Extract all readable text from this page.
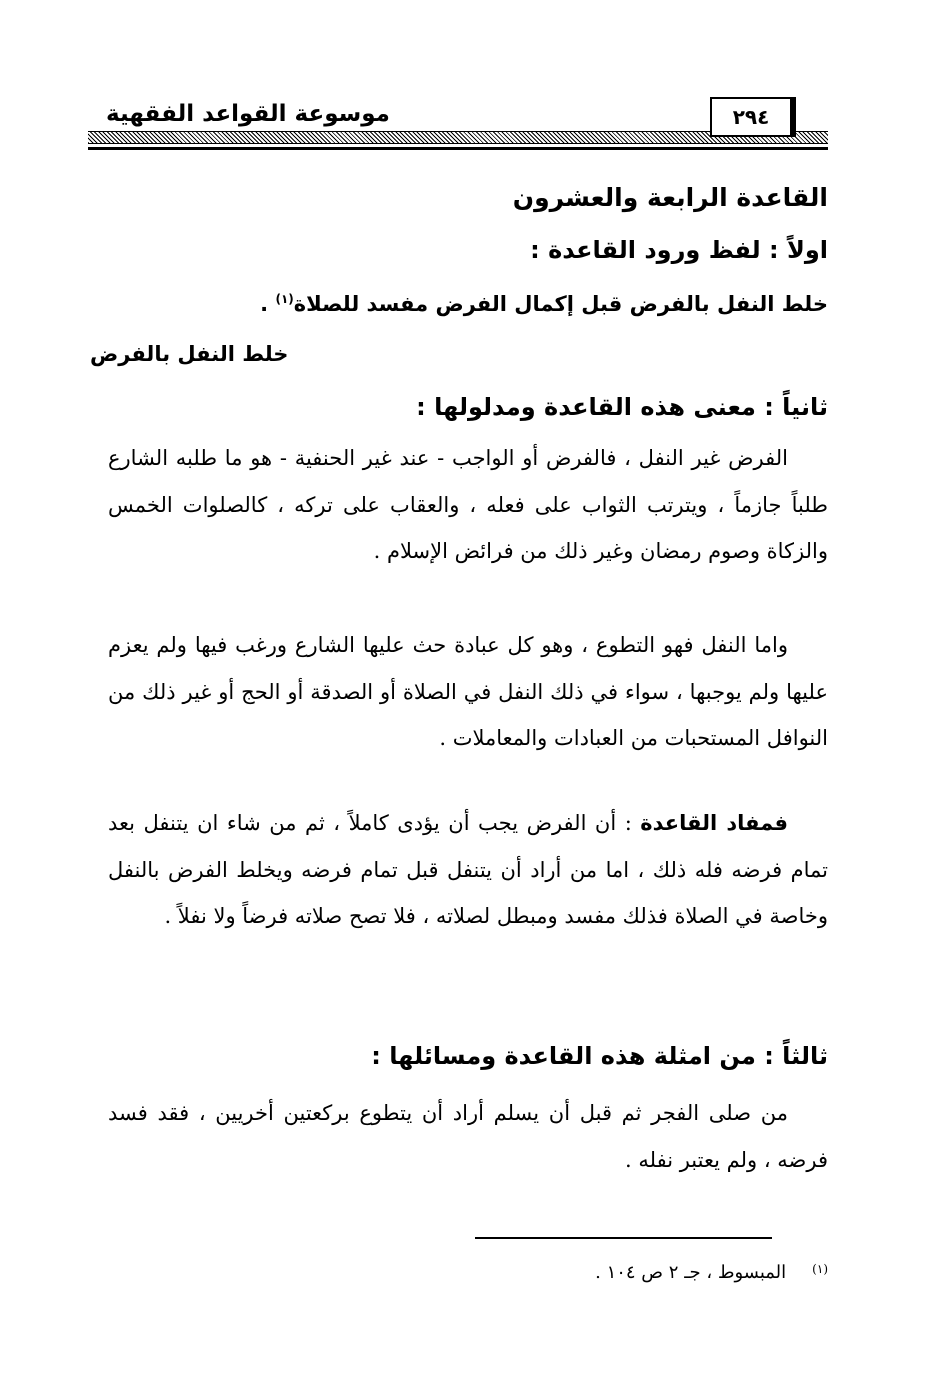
موسوعة القواعد الفقهية	٢٩٤
القاعدة الرابعة والعشرون
اولاً : لفظ ورود القاعدة :
خلط النفل بالفرض قبل إكمال الفرض مفسد للصلاة$^{(١)}$ .
خلط النفل بالفرض
ثانياً : معنى هذه القاعدة ومدلولها :
الفرض غير النفل ، فالفرض أو الواجب - عند غير الحنفية - هو ما طلبه الشارع طلباً جازماً ، ويترتب الثواب على فعله ، والعقاب على تركه ، كالصلوات الخمس والزكاة وصوم رمضان وغير ذلك من فرائض الإسلام .
واما النفل فهو التطوع ، وهو كل عبادة حث عليها الشارع ورغب فيها ولم يعزم عليها ولم يوجبها ، سواء في ذلك النفل في الصلاة أو الصدقة أو الحج أو غير ذلك من النوافل المستحبات من العبادات والمعاملات .
فمفاد القاعدة : أن الفرض يجب أن يؤدى كاملاً ، ثم من شاء ان يتنفل بعد تمام فرضه فله ذلك ، اما من أراد أن يتنفل قبل تمام فرضه ويخلط الفرض بالنفل وخاصة في الصلاة فذلك مفسد ومبطل لصلاته ، فلا تصح صلاته فرضاً ولا نفلاً .
ثالثاً : من امثلة هذه القاعدة ومسائلها :
من صلى الفجر ثم قبل أن يسلم أراد أن يتطوع بركعتين أخريين ، فقد فسد فرضه ، ولم يعتبر نفله .
$^{(١)}$المبسوط ، جـ ٢ ص ١٠٤ .
